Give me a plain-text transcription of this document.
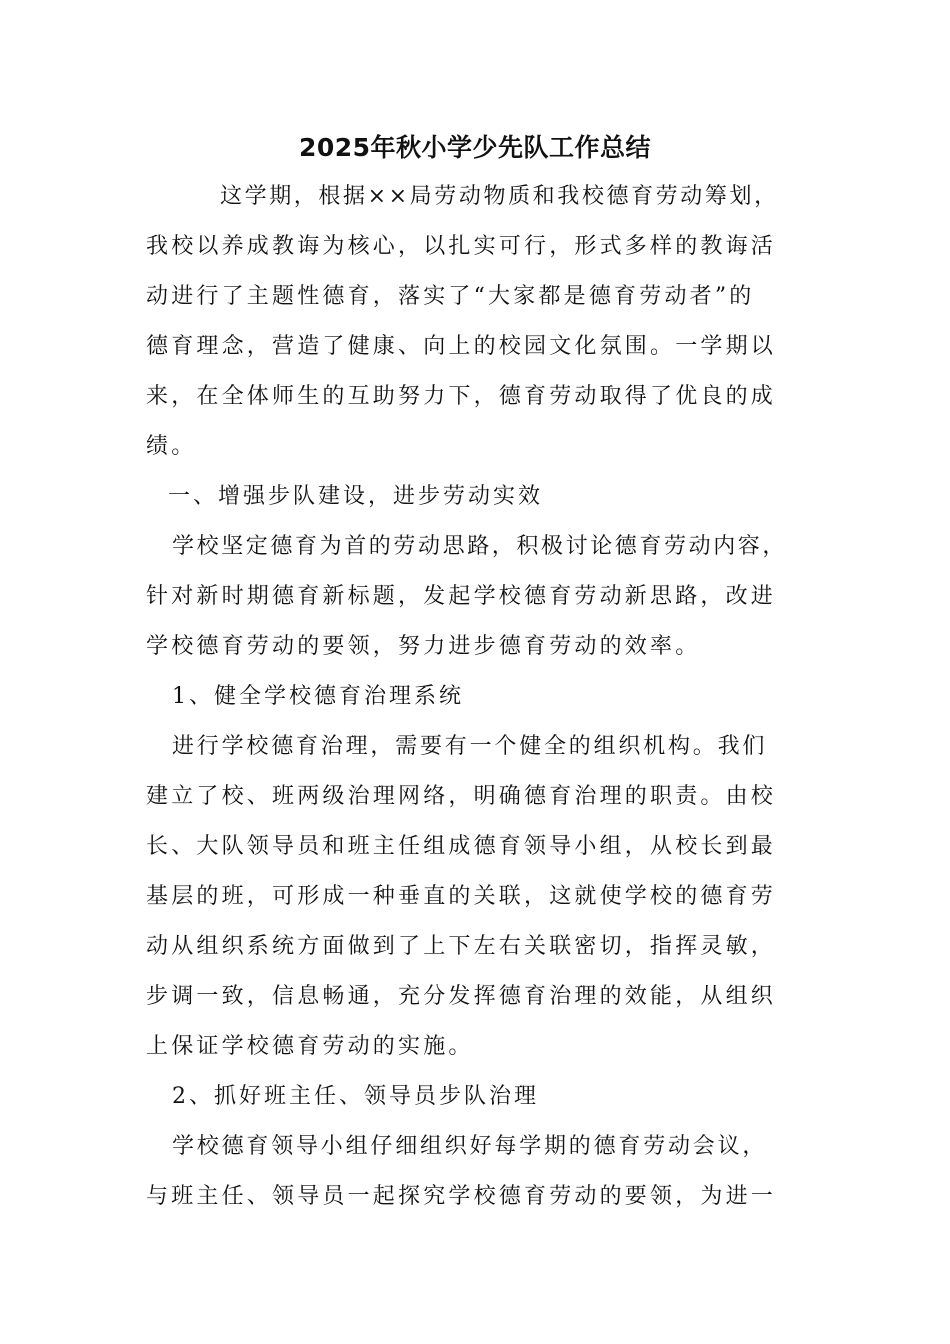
2025年秋小学少先队工作总结

这学期，根据××局劳动物质和我校德育劳动筹划，

我校以养成教诲为核心，以扎实可行，形式多样的教诲活

动进行了主题性德育，落实了“大家都是德育劳动者”的

德育理念，营造了健康、向上的校园文化氛围。一学期以

来，在全体师生的互助努力下，德育劳动取得了优良的成

绩。

一、增强步队建设，进步劳动实效

学校坚定德育为首的劳动思路，积极讨论德育劳动内容，

针对新时期德育新标题，发起学校德育劳动新思路，改进

学校德育劳动的要领，努力进步德育劳动的效率。

1、健全学校德育治理系统

进行学校德育治理，需要有一个健全的组织机构。我们

建立了校、班两级治理网络，明确德育治理的职责。由校

长、大队领导员和班主任组成德育领导小组，从校长到最

基层的班，可形成一种垂直的关联，这就使学校的德育劳

动从组织系统方面做到了上下左右关联密切，指挥灵敏，

步调一致，信息畅通，充分发挥德育治理的效能，从组织

上保证学校德育劳动的实施。

2、抓好班主任、领导员步队治理

学校德育领导小组仔细组织好每学期的德育劳动会议，

与班主任、领导员一起探究学校德育劳动的要领，为进一
